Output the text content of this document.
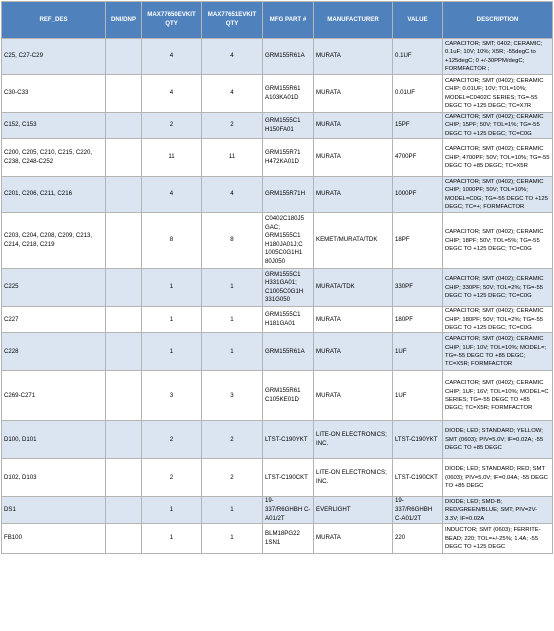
REF_DES	DNI/DNP	MAX77650EVKIT QTY	MAX77651EVKIT QTY	MFG PART #	MANUFACTURER	VALUE	DESCRIPTION
C25, C27-C29		4	4	GRM155R61A	MURATA	0.1UF	CAPACITOR; SMT; 0402; CERAMIC; 0.1uF; 10V; 10%; X5R; -55degC to +125degC; 0 +/-30PPM/degC; FORMFACTOR ;
C30-C33		4	4	GRM155R61 A103KA01D	MURATA	0.01UF	CAPACITOR; SMT (0402); CERAMIC CHIP; 0.01UF; 10V; TOL=10%; MODEL=C0402C SERIES; TG=-55 DEGC TO +125 DEGC; TC=X7R
C152, C153		2	2	GRM1555C1 H150FA01	MURATA	15PF	CAPACITOR; SMT (0402); CERAMIC CHIP; 15PF; 50V; TOL=1%; TG=-55 DEGC TO +125 DEGC; TC=C0G
C200, C205, C210, C215, C220, C238, C248-C252		11	11	GRM155R71 H472KA01D	MURATA	4700PF	CAPACITOR; SMT (0402); CERAMIC CHIP; 4700PF; 50V; TOL=10%; TG=-55 DEGC TO +85 DEGC; TC=X5R
C201, C206, C211, C216		4	4	GRM155R71H	MURATA	1000PF	CAPACITOR; SMT (0402); CERAMIC CHIP; 1000PF; 50V; TOL=10%; MODEL=C0G; TG=-55 DEGC TO +125 DEGC; TC=+; FORMFACTOR
C203, C204, C208, C209, C213, C214, C218, C219		8	8	C0402C180J5 GAC; GRM1555C1 H180JA01J;C 1005C0G1H1 80J050	KEMET/MURATA/TDK	18PF	CAPACITOR; SMT (0402); CERAMIC CHIP; 18PF; 50V; TOL=5%; TG=-55 DEGC TO +125 DEGC; TC=C0G
C225		1	1	GRM1555C1 H331GA01; C1005C0G1H 331G050	MURATA/TDK	330PF	CAPACITOR; SMT (0402); CERAMIC CHIP; 330PF; 50V; TOL=2%; TG=-55 DEGC TO +125 DEGC; TC=C0G
C227		1	1	GRM1555C1 H181GA01	MURATA	180PF	CAPACITOR; SMT (0402); CERAMIC CHIP; 180PF; 50V; TOL=2%; TG=-55 DEGC TO +125 DEGC; TC=C0G
C228		1	1	GRM155R61A	MURATA	1UF	CAPACITOR; SMT (0402); CERAMIC CHIP; 1UF; 10V; TOL=10%; MODEL=; TG=-55 DEGC TO +85 DEGC; TC=X5R; FORMFACTOR
C269-C271		3	3	GRM155R61 C105KE01D	MURATA	1UF	CAPACITOR; SMT (0402); CERAMIC CHIP; 1UF; 16V; TOL=10%; MODEL=C SERIES; TG=-55 DEGC TO +85 DEGC; TC=X5R; FORMFACTOR
D100, D101		2	2	LTST-C190YKT	LITE-ON ELECTRONICS; INC.	LTST-C190YKT	DIODE; LED; STANDARD; YELLOW; SMT (0603); PIV=5.0V; IF=0.02A; -55 DEGC TO +85 DEGC
D102, D103		2	2	LTST-C190CKT	LITE-ON ELECTRONICS; INC.	LTST-C190CKT	DIODE; LED; STANDARD; RED; SMT (0603); PIV=5.0V; IF=0.04A; -55 DEGC TO +85 DEGC
DS1		1	1	19-337/R6GHBH C-A01/2T	EVERLIGHT	19-337/R6GHBH C-A01/2T	DIODE; LED; SMD-B; RED/GREEN/BLUE; SMT; PIV=2V-3.3V; IF=0.02A
FB100		1	1	BLM18PG22 1SN1	MURATA	220	INDUCTOR; SMT (0603); FERRITE-BEAD; 220; TOL=+/-25%; 1.4A; -55 DEGC TO +125 DEGC
